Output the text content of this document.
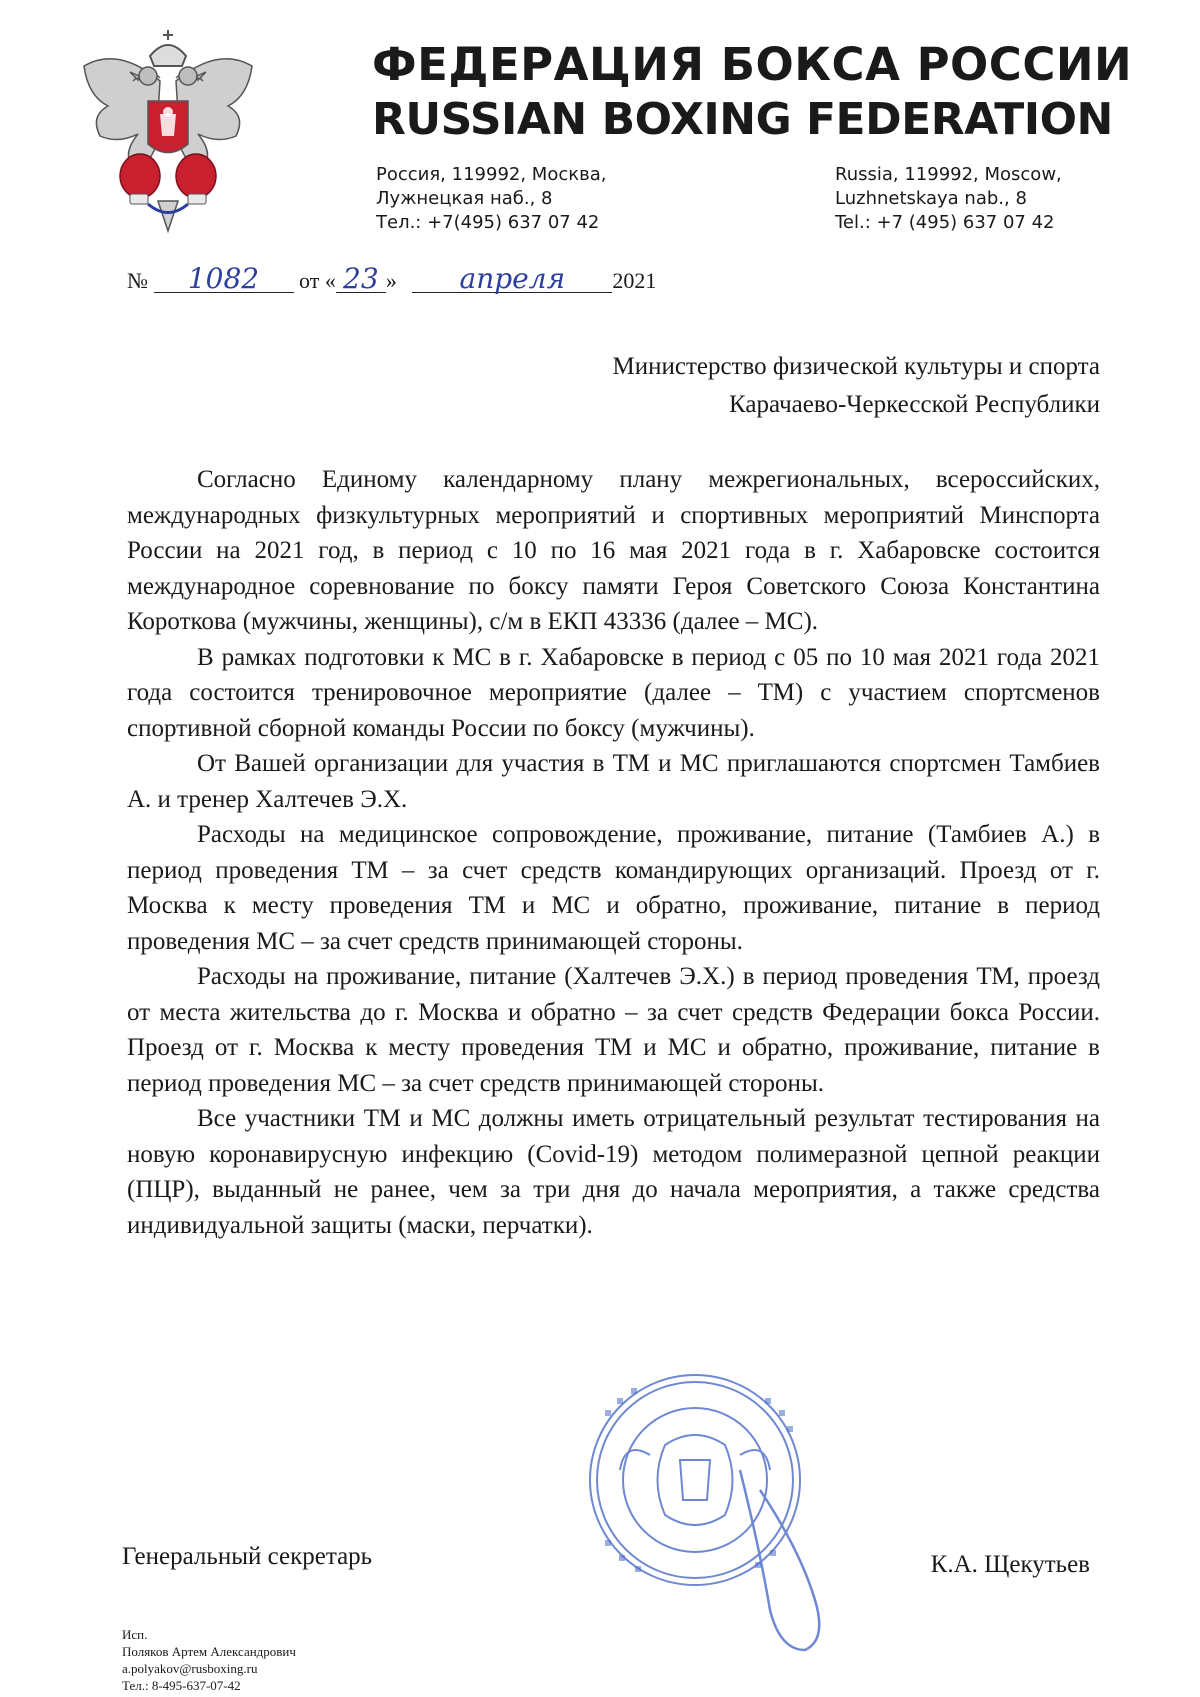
ФЕДЕРАЦИЯ БОКСА РОССИИ
RUSSIAN BOXING FEDERATION
Россия, 119992, Москва,
Лужнецкая наб., 8
Тел.: +7(495) 637 07 42
Russia, 119992, Moscow,
Luzhnetskaya nab., 8
Tel.: +7 (495) 637 07 42
№ 1082 от « 23 » апреля 2021
Министерство физической культуры и спорта
Карачаево-Черкесской Республики

Согласно Единому календарному плану межрегиональных, всероссийских, международных физкультурных мероприятий и спортивных мероприятий Минспорта России на 2021 год, в период с 10 по 16 мая 2021 года в г. Хабаровске состоится международное соревнование по боксу памяти Героя Советского Союза Константина Короткова (мужчины, женщины), с/м в ЕКП 43336 (далее – МС).

В рамках подготовки к МС в г. Хабаровске в период с 05 по 10 мая 2021 года 2021 года состоится тренировочное мероприятие (далее – ТМ) с участием спортсменов спортивной сборной команды России по боксу (мужчины).

От Вашей организации для участия в ТМ и МС приглашаются спортсмен Тамбиев А. и тренер Халтечев Э.Х.

Расходы на медицинское сопровождение, проживание, питание (Тамбиев А.) в период проведения ТМ – за счет средств командирующих организаций. Проезд от г. Москва к месту проведения ТМ и МС и обратно, проживание, питание в период проведения МС – за счет средств принимающей стороны.

Расходы на проживание, питание (Халтечев Э.Х.) в период проведения ТМ, проезд от места жительства до г. Москва и обратно – за счет средств Федерации бокса России. Проезд от г. Москва к месту проведения ТМ и МС и обратно, проживание, питание в период проведения МС – за счет средств принимающей стороны.

Все участники ТМ и МС должны иметь отрицательный результат тестирования на новую коронавирусную инфекцию (Covid-19) методом полимеразной цепной реакции (ПЦР), выданный не ранее, чем за три дня до начала мероприятия, а также средства индивидуальной защиты (маски, перчатки).

Генеральный секретарь	К.А. Щекутьев
Исп.
Поляков Артем Александрович
a.polyakov@rusboxing.ru
Тел.: 8-495-637-07-42
